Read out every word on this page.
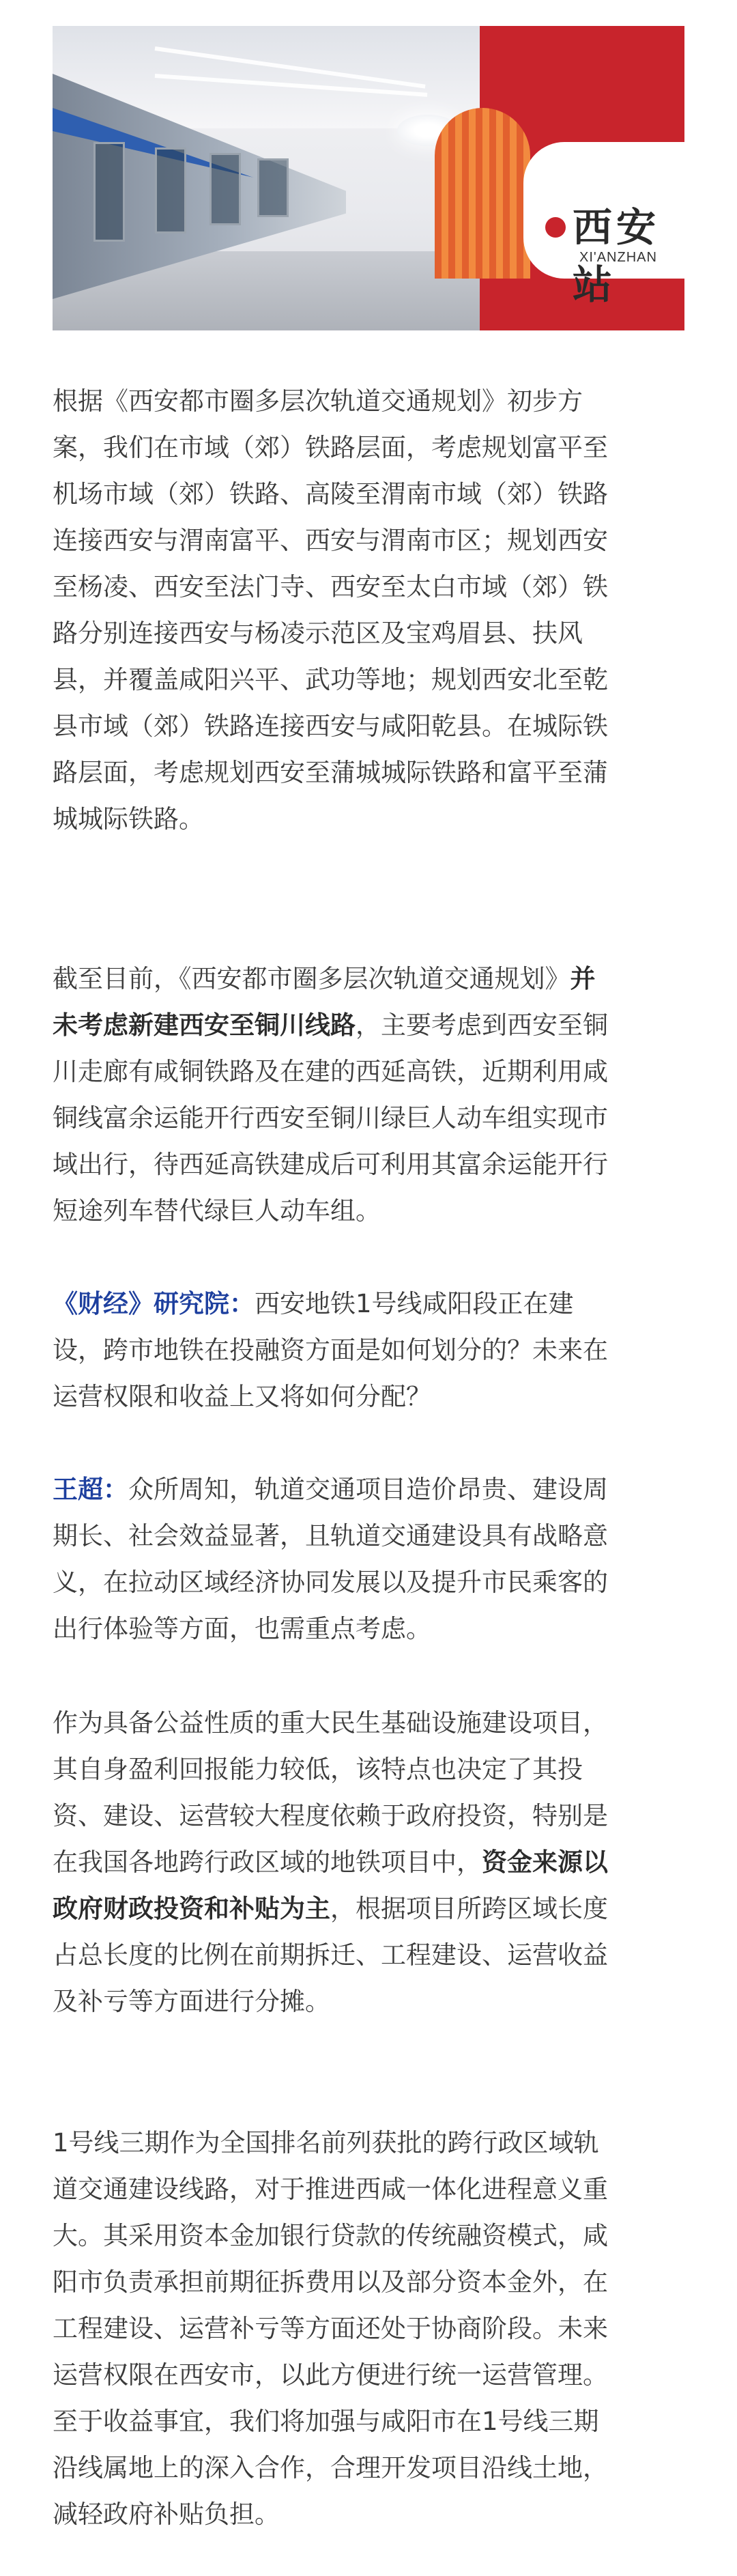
西安站
XI'ANZHAN
根据《西安都市圈多层次轨道交通规划》初步方
案，我们在市域（郊）铁路层面，考虑规划富平至
机场市域（郊）铁路、高陵至渭南市域（郊）铁路
连接西安与渭南富平、西安与渭南市区；规划西安
至杨凌、西安至法门寺、西安至太白市域（郊）铁
路分别连接西安与杨凌示范区及宝鸡眉县、扶风
县，并覆盖咸阳兴平、武功等地；规划西安北至乾
县市域（郊）铁路连接西安与咸阳乾县。在城际铁
路层面，考虑规划西安至蒲城城际铁路和富平至蒲
城城际铁路。
截至目前，《西安都市圈多层次轨道交通规划》并
未考虑新建西安至铜川线路，主要考虑到西安至铜
川走廊有咸铜铁路及在建的西延高铁，近期利用咸
铜线富余运能开行西安至铜川绿巨人动车组实现市
域出行，待西延高铁建成后可利用其富余运能开行
短途列车替代绿巨人动车组。
《财经》研究院：西安地铁1号线咸阳段正在建
设，跨市地铁在投融资方面是如何划分的？未来在
运营权限和收益上又将如何分配？
王超：众所周知，轨道交通项目造价昂贵、建设周
期长、社会效益显著，且轨道交通建设具有战略意
义，在拉动区域经济协同发展以及提升市民乘客的
出行体验等方面，也需重点考虑。
作为具备公益性质的重大民生基础设施建设项目，
其自身盈利回报能力较低，该特点也决定了其投
资、建设、运营较大程度依赖于政府投资，特别是
在我国各地跨行政区域的地铁项目中，资金来源以
政府财政投资和补贴为主，根据项目所跨区域长度
占总长度的比例在前期拆迁、工程建设、运营收益
及补亏等方面进行分摊。
1号线三期作为全国排名前列获批的跨行政区域轨
道交通建设线路，对于推进西咸一体化进程意义重
大。其采用资本金加银行贷款的传统融资模式，咸
阳市负责承担前期征拆费用以及部分资本金外，在
工程建设、运营补亏等方面还处于协商阶段。未来
运营权限在西安市，以此方便进行统一运营管理。
至于收益事宜，我们将加强与咸阳市在1号线三期
沿线属地上的深入合作，合理开发项目沿线土地，
减轻政府补贴负担。
